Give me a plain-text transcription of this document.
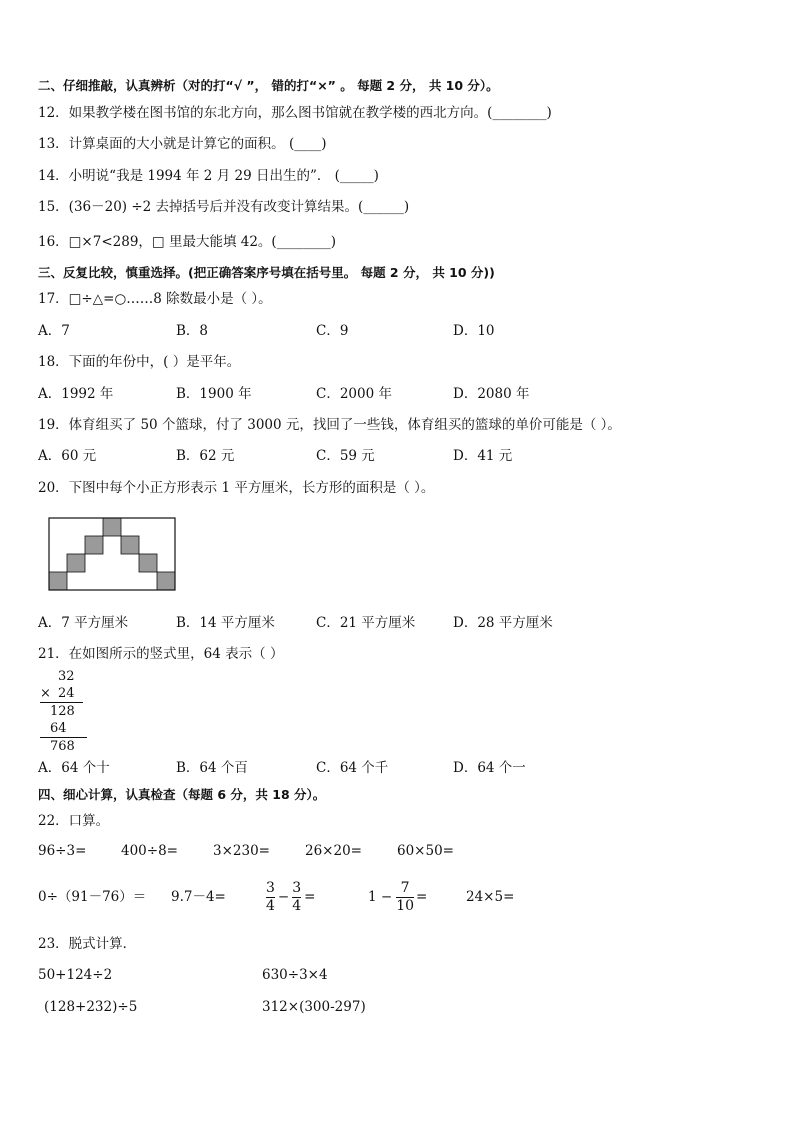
二、仔细推敲，认真辨析（对的打“√ ”， 错的打“×” 。 每题 2 分， 共 10 分）。
12．如果教学楼在图书馆的东北方向，那么图书馆就在教学楼的西北方向。(________)
13．计算桌面的大小就是计算它的面积。 (____)
14．小明说“我是 1994 年 2 月 29 日出生的”． (_____)
15．(36－20) ÷2 去掉括号后并没有改变计算结果。(______)
16．□×7<289，□ 里最大能填 42。(________)
三、反复比较，慎重选择。(把正确答案序号填在括号里。 每题 2 分， 共 10 分))
17．□÷△=○……8 除数最小是（ ）。
A．7	B．8	C．9	D．10
18．下面的年份中，( ）是平年。
A．1992 年	B．1900 年	C．2000 年	D．2080 年
19．体育组买了 50 个篮球，付了 3000 元，找回了一些钱，体育组买的篮球的单价可能是（ ）。
A．60 元	B．62 元	C．59 元	D．41 元
20．下图中每个小正方形表示 1 平方厘米，长方形的面积是（ ）。
A．7 平方厘米	B．14 平方厘米	C．21 平方厘米	D．28 平方厘米
21．在如图所示的竖式里，64 表示（ ）
32
× 24
128
64
768
A．64 个十	B．64 个百	C．64 个千	D．64 个一
四、细心计算，认真检查（每题 6 分，共 18 分）。
22．口算。
96÷3=	400÷8=	3×230=	26×20=	60×50=
0÷（91－76）＝ 9.7－4=	$\frac{3}{4} - \frac{3}{4}$ =	$1 - \frac{7}{10}$ =	24×5=
23．脱式计算．
50+124÷2	630÷3×4
(128+232)÷5	312×(300-297)
